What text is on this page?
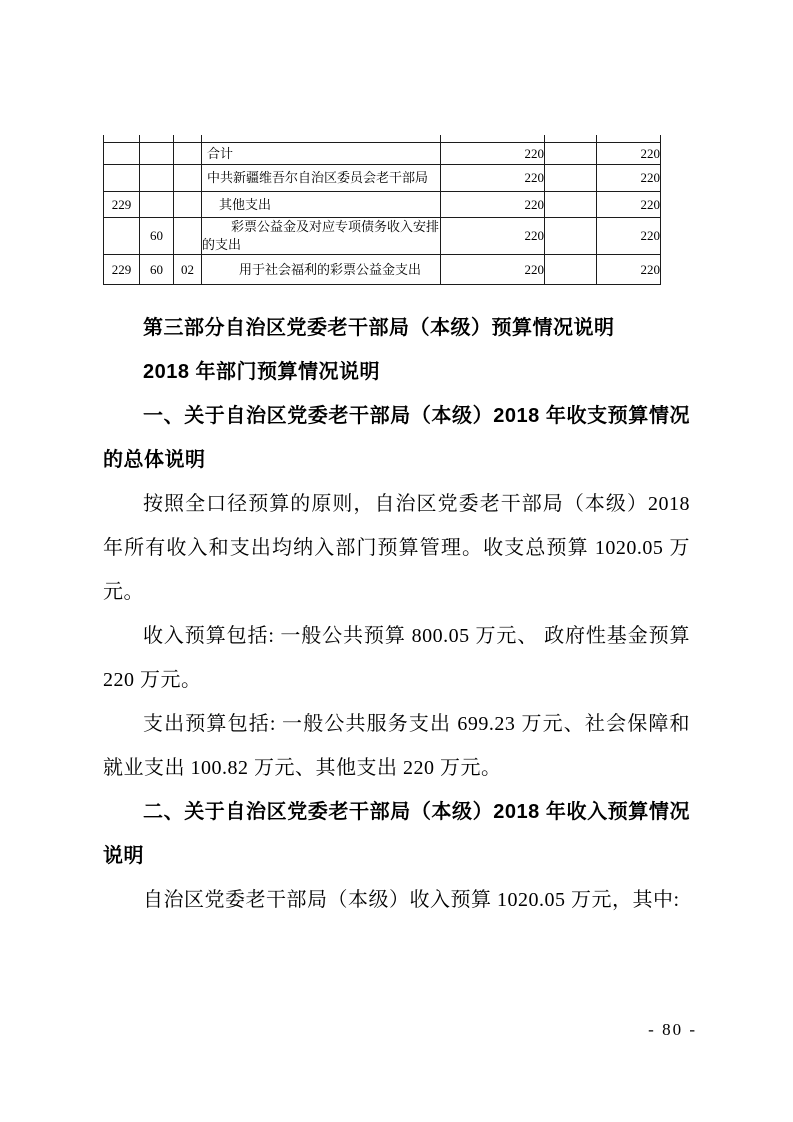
			合计	220		220
			中共新疆维吾尔自治区委员会老干部局	220		220
229			其他支出	220		220
	60		彩票公益金及对应专项债务收入安排的支出	220		220
229	60	02	用于社会福利的彩票公益金支出	220		220

第三部分自治区党委老干部局（本级）预算情况说明

2018 年部门预算情况说明

一、关于自治区党委老干部局（本级）2018 年收支预算情况的总体说明

按照全口径预算的原则，自治区党委老干部局（本级）2018 年所有收入和支出均纳入部门预算管理。收支总预算 1020.05 万元。

收入预算包括: 一般公共预算 800.05 万元、 政府性基金预算 220 万元。

支出预算包括: 一般公共服务支出 699.23 万元、社会保障和就业支出 100.82 万元、其他支出 220 万元。

二、关于自治区党委老干部局（本级）2018 年收入预算情况说明

自治区党委老干部局（本级）收入预算 1020.05 万元，其中:

- 80 -
